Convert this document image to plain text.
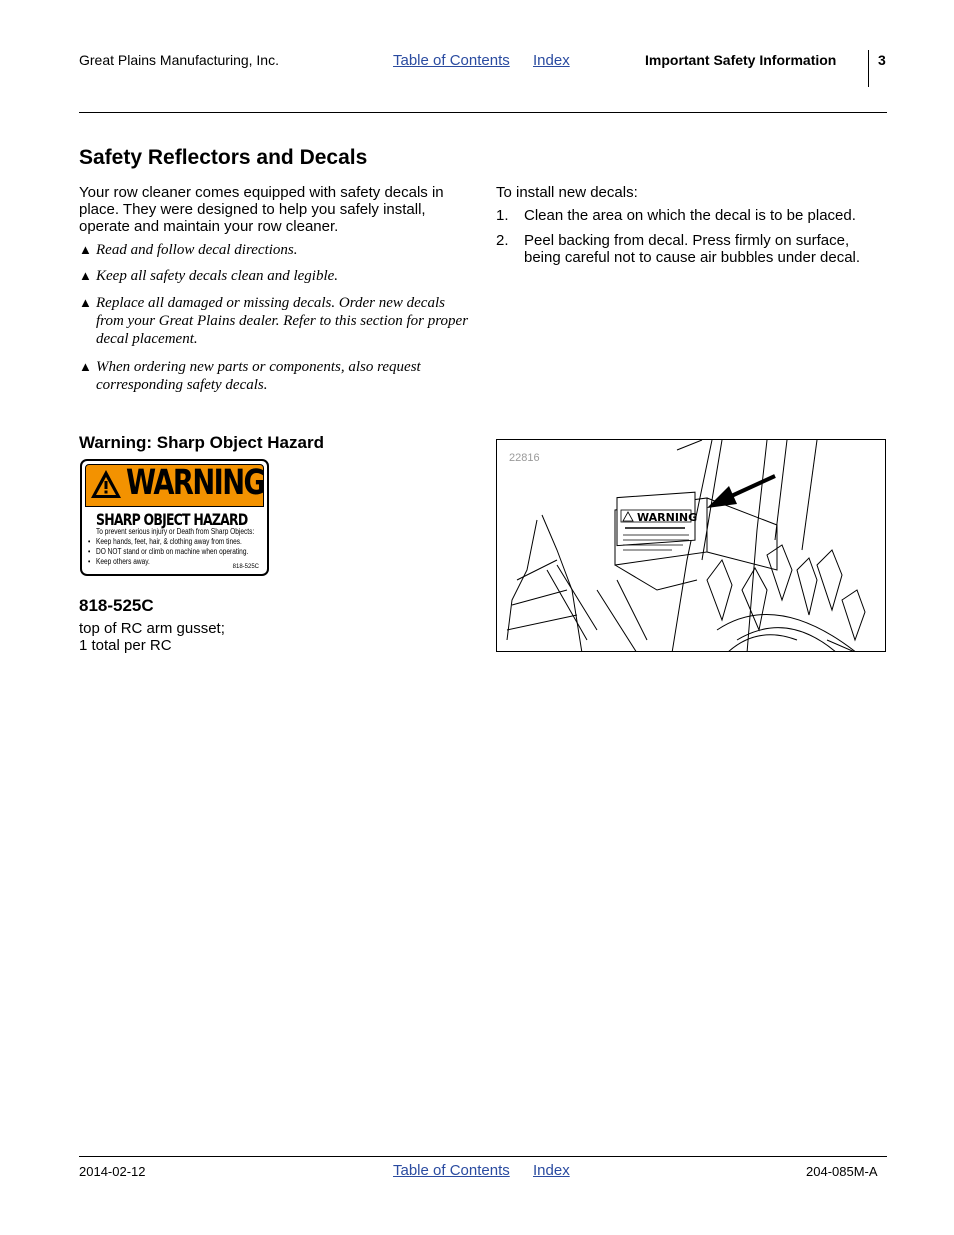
Great Plains Manufacturing, Inc.	Table of Contents Index	Important Safety Information	3
Safety Reflectors and Decals
Your row cleaner comes equipped with safety decals in place. They were designed to help you safely install, operate and maintain your row cleaner.
▲ Read and follow decal directions.
▲ Keep all safety decals clean and legible.
▲ Replace all damaged or missing decals. Order new decals from your Great Plains dealer. Refer to this section for proper decal placement.
▲ When ordering new parts or components, also request corresponding safety decals.
To install new decals:
1.	Clean the area on which the decal is to be placed.
2.	Peel backing from decal. Press firmly on surface, being careful not to cause air bubbles under decal.
Warning: Sharp Object Hazard
WARNING
SHARP OBJECT HAZARD
To prevent serious injury or Death from Sharp Objects:
• Keep hands, feet, hair, & clothing away from tines.
• DO NOT stand or climb on machine when operating.
• Keep others away.
818-525C
818-525C
top of RC arm gusset;
1 total per RC
22816
WARNING
2014-02-12	Table of Contents Index	204-085M-A
